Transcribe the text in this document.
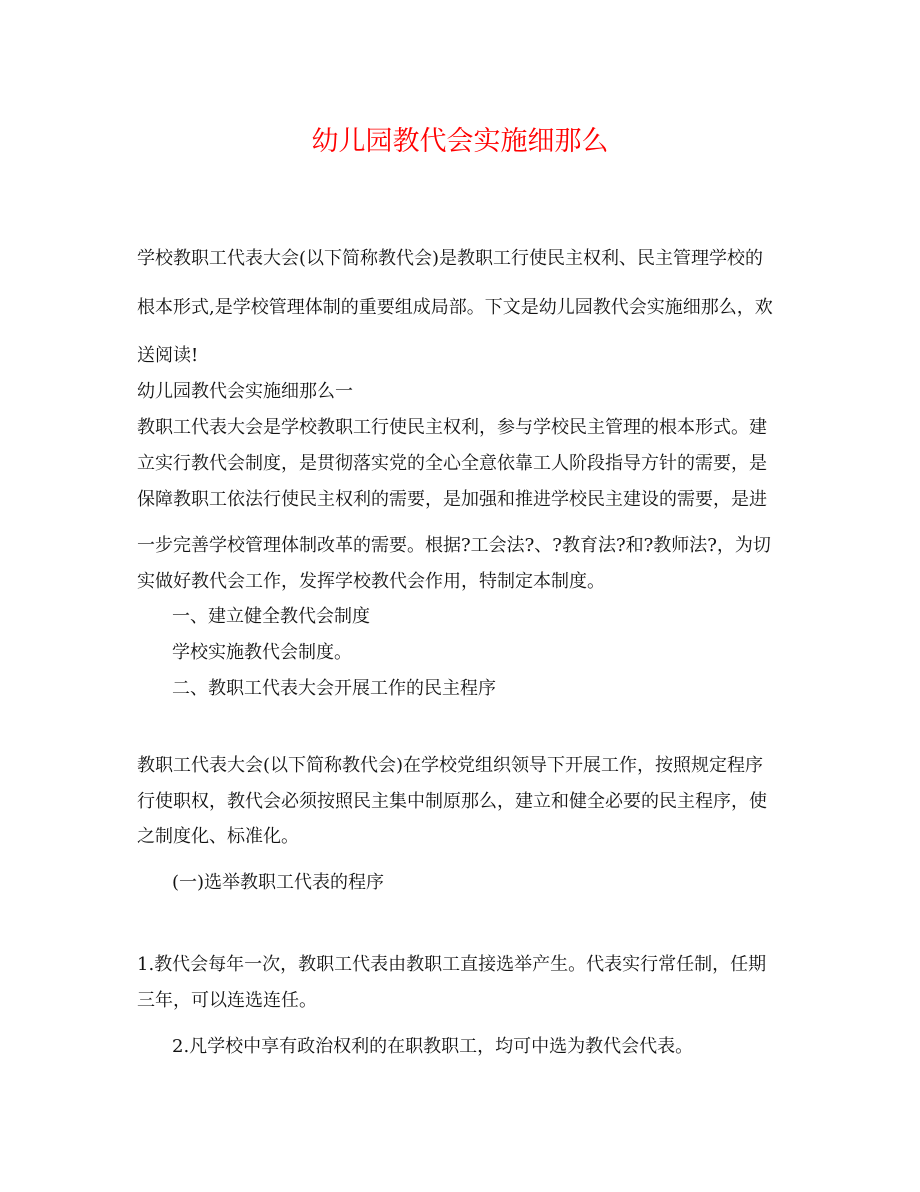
幼儿园教代会实施细那么
学校教职工代表大会(以下简称教代会)是教职工行使民主权利、民主管理学校的
根本形式,是学校管理体制的重要组成局部。下文是幼儿园教代会实施细那么，欢
送阅读!
幼儿园教代会实施细那么一
教职工代表大会是学校教职工行使民主权利，参与学校民主管理的根本形式。建
立实行教代会制度，是贯彻落实党的全心全意依靠工人阶段指导方针的需要，是
保障教职工依法行使民主权利的需要，是加强和推进学校民主建设的需要，是进
一步完善学校管理体制改革的需要。根据?工会法?、?教育法?和?教师法?，为切
实做好教代会工作，发挥学校教代会作用，特制定本制度。
一、建立健全教代会制度
学校实施教代会制度。
二、教职工代表大会开展工作的民主程序
教职工代表大会(以下简称教代会)在学校党组织领导下开展工作，按照规定程序
行使职权，教代会必须按照民主集中制原那么，建立和健全必要的民主程序，使
之制度化、标准化。
(一)选举教职工代表的程序
1.教代会每年一次，教职工代表由教职工直接选举产生。代表实行常任制，任期
三年，可以连选连任。
2.凡学校中享有政治权利的在职教职工，均可中选为教代会代表。
